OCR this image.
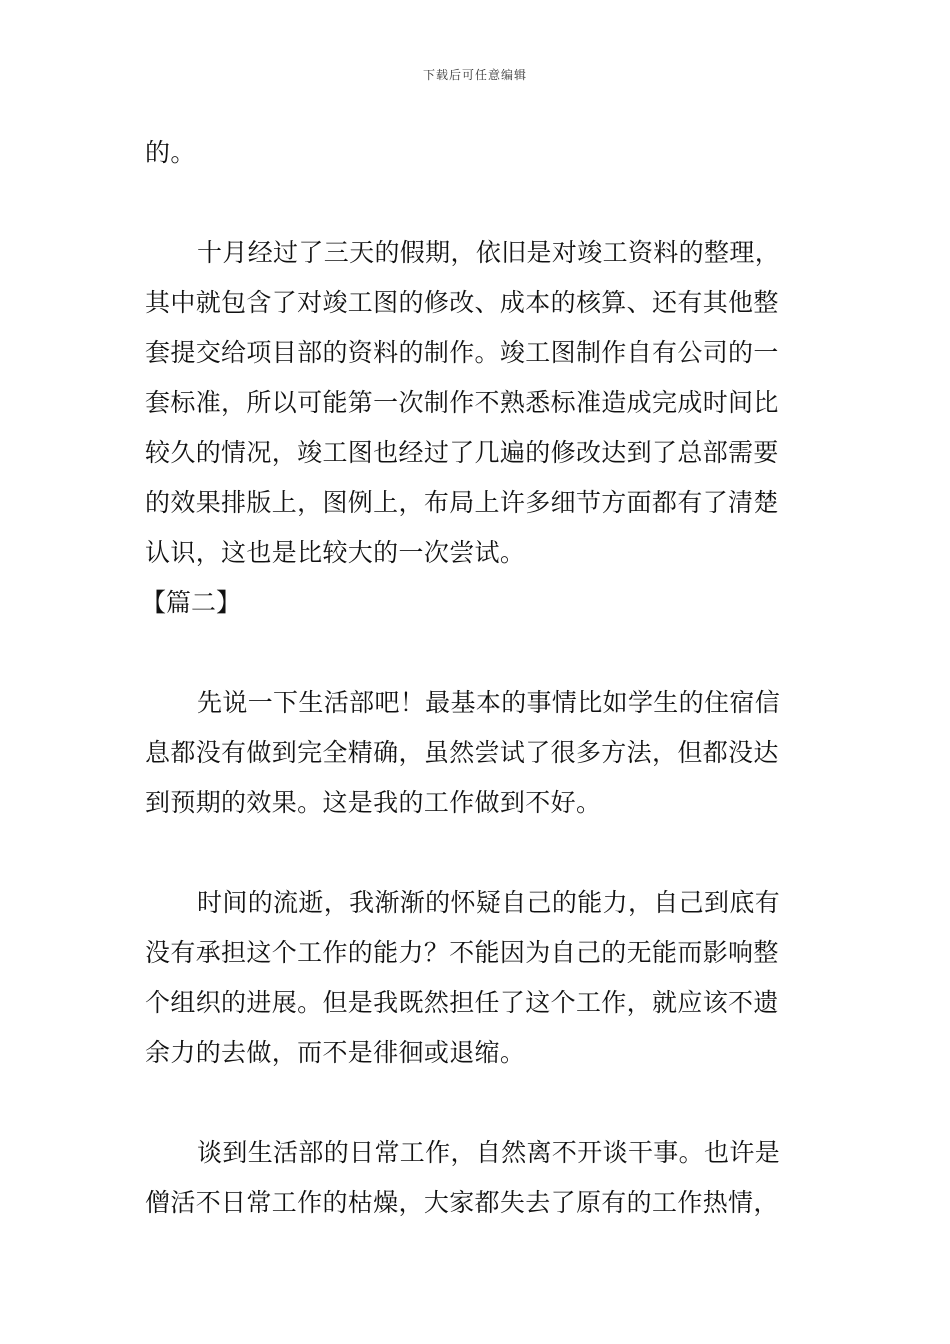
下载后可任意编辑
的。
十月经过了三天的假期，依旧是对竣工资料的整理，
其中就包含了对竣工图的修改、成本的核算、还有其他整
套提交给项目部的资料的制作。竣工图制作自有公司的一
套标准，所以可能第一次制作不熟悉标准造成完成时间比
较久的情况，竣工图也经过了几遍的修改达到了总部需要
的效果排版上，图例上，布局上许多细节方面都有了清楚
认识，这也是比较大的一次尝试。
【篇二】
先说一下生活部吧！最基本的事情比如学生的住宿信
息都没有做到完全精确，虽然尝试了很多方法，但都没达
到预期的效果。这是我的工作做到不好。
时间的流逝，我渐渐的怀疑自己的能力，自己到底有
没有承担这个工作的能力？不能因为自己的无能而影响整
个组织的进展。但是我既然担任了这个工作，就应该不遗
余力的去做，而不是徘徊或退缩。
谈到生活部的日常工作，自然离不开谈干事。也许是
僧活不日常工作的枯燥，大家都失去了原有的工作热情，
